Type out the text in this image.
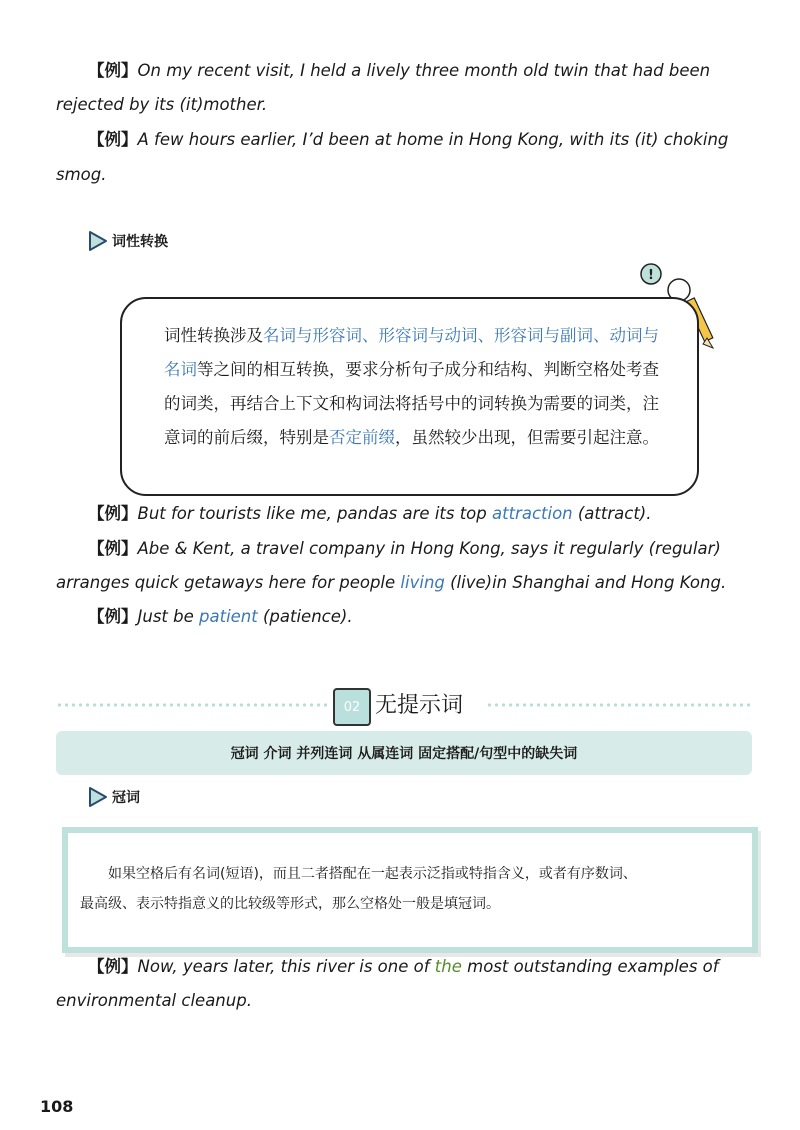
【例】On my recent visit, I held a lively three month old twin that had been
rejected by its (it)mother.
【例】A few hours earlier, I’d been at home in Hong Kong, with its (it) choking
smog.
词性转换
!
词性转换涉及名词与形容词、形容词与动词、形容词与副词、动词与名词等之间的相互转换，要求分析句子成分和结构、判断空格处考查的词类，再结合上下文和构词法将括号中的词转换为需要的词类，注意词的前后缀，特别是否定前缀，虽然较少出现，但需要引起注意。
【例】But for tourists like me, pandas are its top attraction (attract).
【例】Abe & Kent, a travel company in Hong Kong, says it regularly (regular)
arranges quick getaways here for people living (live)in Shanghai and Hong Kong.
【例】Just be patient (patience).
02 无提示词
冠词 介词 并列连词 从属连词 固定搭配/句型中的缺失词
冠词
如果空格后有名词(短语)，而且二者搭配在一起表示泛指或特指含义，或者有序数词、
最高级、表示特指意义的比较级等形式，那么空格处一般是填冠词。
【例】Now, years later, this river is one of the most outstanding examples of
environmental cleanup.
108
